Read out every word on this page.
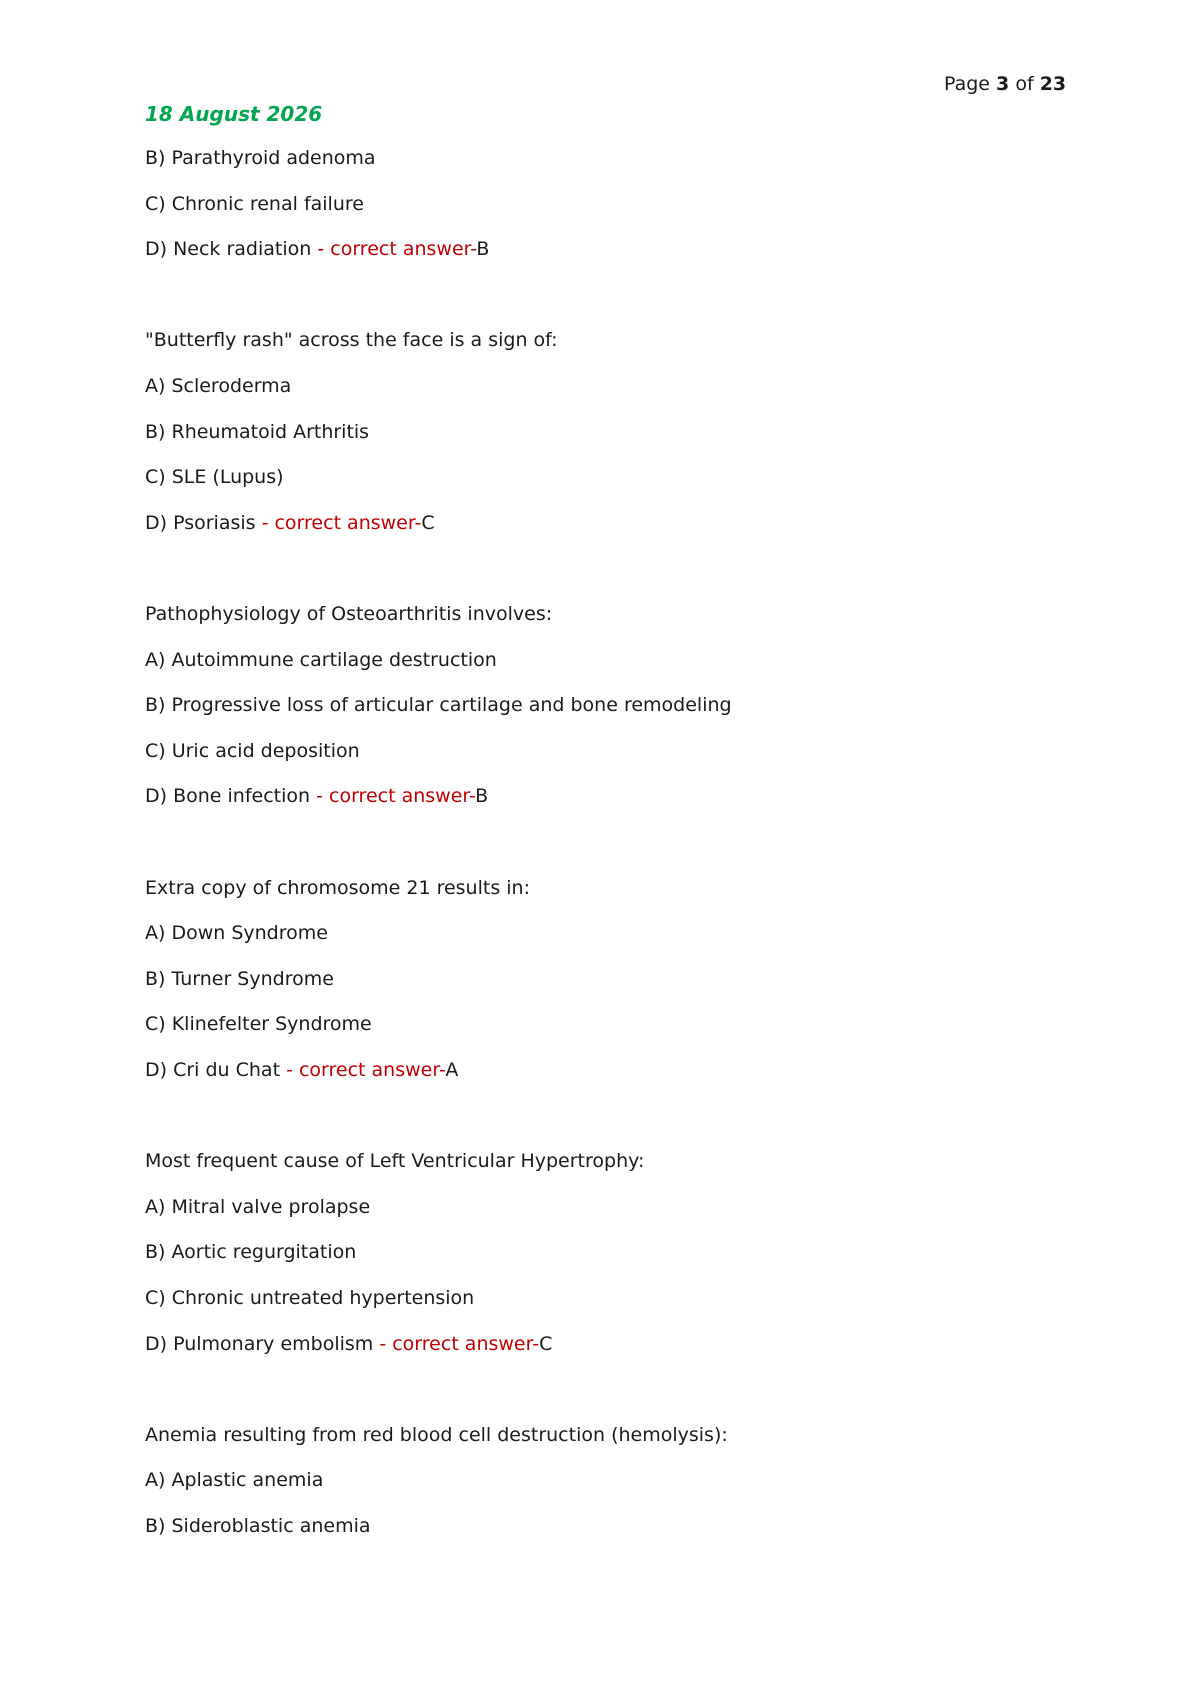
Page 3 of 23
18 August 2026
B) Parathyroid adenoma
C) Chronic renal failure
D) Neck radiation - correct answer-B
"Butterfly rash" across the face is a sign of:
A) Scleroderma
B) Rheumatoid Arthritis
C) SLE (Lupus)
D) Psoriasis - correct answer-C
Pathophysiology of Osteoarthritis involves:
A) Autoimmune cartilage destruction
B) Progressive loss of articular cartilage and bone remodeling
C) Uric acid deposition
D) Bone infection - correct answer-B
Extra copy of chromosome 21 results in:
A) Down Syndrome
B) Turner Syndrome
C) Klinefelter Syndrome
D) Cri du Chat - correct answer-A
Most frequent cause of Left Ventricular Hypertrophy:
A) Mitral valve prolapse
B) Aortic regurgitation
C) Chronic untreated hypertension
D) Pulmonary embolism - correct answer-C
Anemia resulting from red blood cell destruction (hemolysis):
A) Aplastic anemia
B) Sideroblastic anemia
